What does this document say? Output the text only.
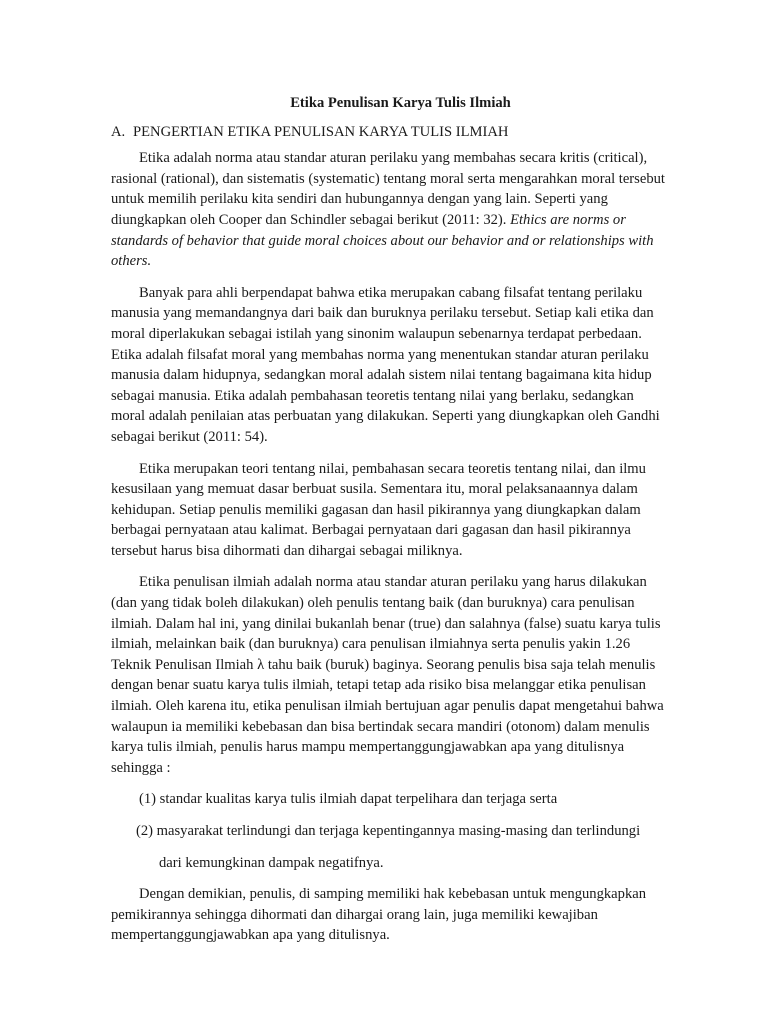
Etika Penulisan Karya Tulis Ilmiah
A. PENGERTIAN ETIKA PENULISAN KARYA TULIS ILMIAH

Etika adalah norma atau standar aturan perilaku yang membahas secara kritis (critical), rasional (rational), dan sistematis (systematic) tentang moral serta mengarahkan moral tersebut untuk memilih perilaku kita sendiri dan hubungannya dengan yang lain. Seperti yang diungkapkan oleh Cooper dan Schindler sebagai berikut (2011: 32). Ethics are norms or standards of behavior that guide moral choices about our behavior and or relationships with others.

Banyak para ahli berpendapat bahwa etika merupakan cabang filsafat tentang perilaku manusia yang memandangnya dari baik dan buruknya perilaku tersebut. Setiap kali etika dan moral diperlakukan sebagai istilah yang sinonim walaupun sebenarnya terdapat perbedaan. Etika adalah filsafat moral yang membahas norma yang menentukan standar aturan perilaku manusia dalam hidupnya, sedangkan moral adalah sistem nilai tentang bagaimana kita hidup sebagai manusia. Etika adalah pembahasan teoretis tentang nilai yang berlaku, sedangkan moral adalah penilaian atas perbuatan yang dilakukan. Seperti yang diungkapkan oleh Gandhi sebagai berikut (2011: 54).

Etika merupakan teori tentang nilai, pembahasan secara teoretis tentang nilai, dan ilmu kesusilaan yang memuat dasar berbuat susila. Sementara itu, moral pelaksanaannya dalam kehidupan. Setiap penulis memiliki gagasan dan hasil pikirannya yang diungkapkan dalam berbagai pernyataan atau kalimat. Berbagai pernyataan dari gagasan dan hasil pikirannya tersebut harus bisa dihormati dan dihargai sebagai miliknya.

Etika penulisan ilmiah adalah norma atau standar aturan perilaku yang harus dilakukan (dan yang tidak boleh dilakukan) oleh penulis tentang baik (dan buruknya) cara penulisan ilmiah. Dalam hal ini, yang dinilai bukanlah benar (true) dan salahnya (false) suatu karya tulis ilmiah, melainkan baik (dan buruknya) cara penulisan ilmiahnya serta penulis yakin 1.26 Teknik Penulisan Ilmiah λ tahu baik (buruk) baginya. Seorang penulis bisa saja telah menulis dengan benar suatu karya tulis ilmiah, tetapi tetap ada risiko bisa melanggar etika penulisan ilmiah. Oleh karena itu, etika penulisan ilmiah bertujuan agar penulis dapat mengetahui bahwa walaupun ia memiliki kebebasan dan bisa bertindak secara mandiri (otonom) dalam menulis karya tulis ilmiah, penulis harus mampu mempertanggungjawabkan apa yang ditulisnya sehingga :

(1) standar kualitas karya tulis ilmiah dapat terpelihara dan terjaga serta
(2) masyarakat terlindungi dan terjaga kepentingannya masing-masing dan terlindungi
dari kemungkinan dampak negatifnya.

Dengan demikian, penulis, di samping memiliki hak kebebasan untuk mengungkapkan pemikirannya sehingga dihormati dan dihargai orang lain, juga memiliki kewajiban mempertanggungjawabkan apa yang ditulisnya.
